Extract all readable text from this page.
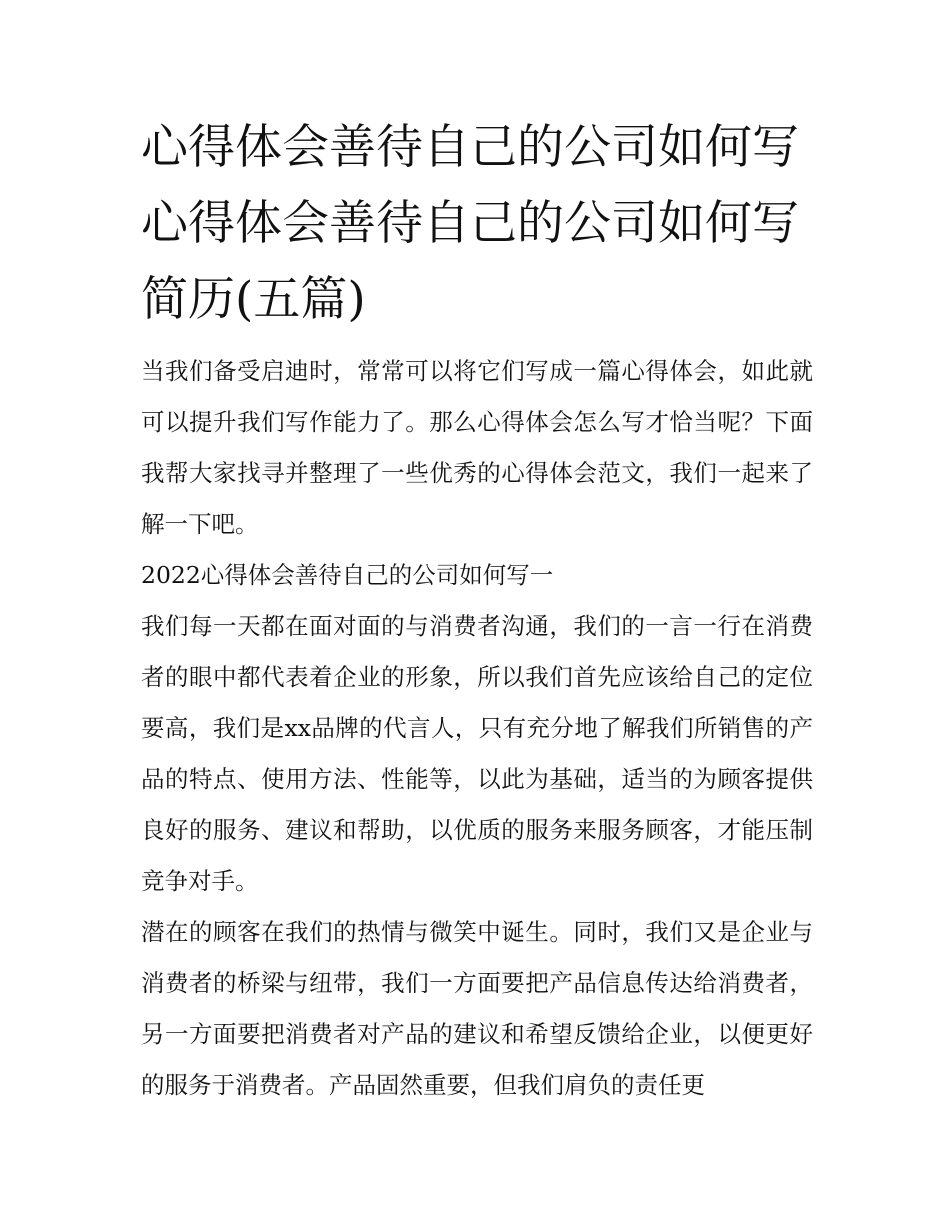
心得体会善待自己的公司如何写 心得体会善待自己的公司如何写简历(五篇)

当我们备受启迪时，常常可以将它们写成一篇心得体会，如此就可以提升我们写作能力了。那么心得体会怎么写才恰当呢？下面我帮大家找寻并整理了一些优秀的心得体会范文，我们一起来了解一下吧。

2022心得体会善待自己的公司如何写一

我们每一天都在面对面的与消费者沟通，我们的一言一行在消费者的眼中都代表着企业的形象，所以我们首先应该给自己的定位要高，我们是xx品牌的代言人，只有充分地了解我们所销售的产品的特点、使用方法、性能等，以此为基础，适当的为顾客提供良好的服务、建议和帮助，以优质的服务来服务顾客，才能压制竞争对手。

潜在的顾客在我们的热情与微笑中诞生。同时，我们又是企业与消费者的桥梁与纽带，我们一方面要把产品信息传达给消费者，另一方面要把消费者对产品的建议和希望反馈给企业，以便更好的服务于消费者。产品固然重要，但我们肩负的责任更
